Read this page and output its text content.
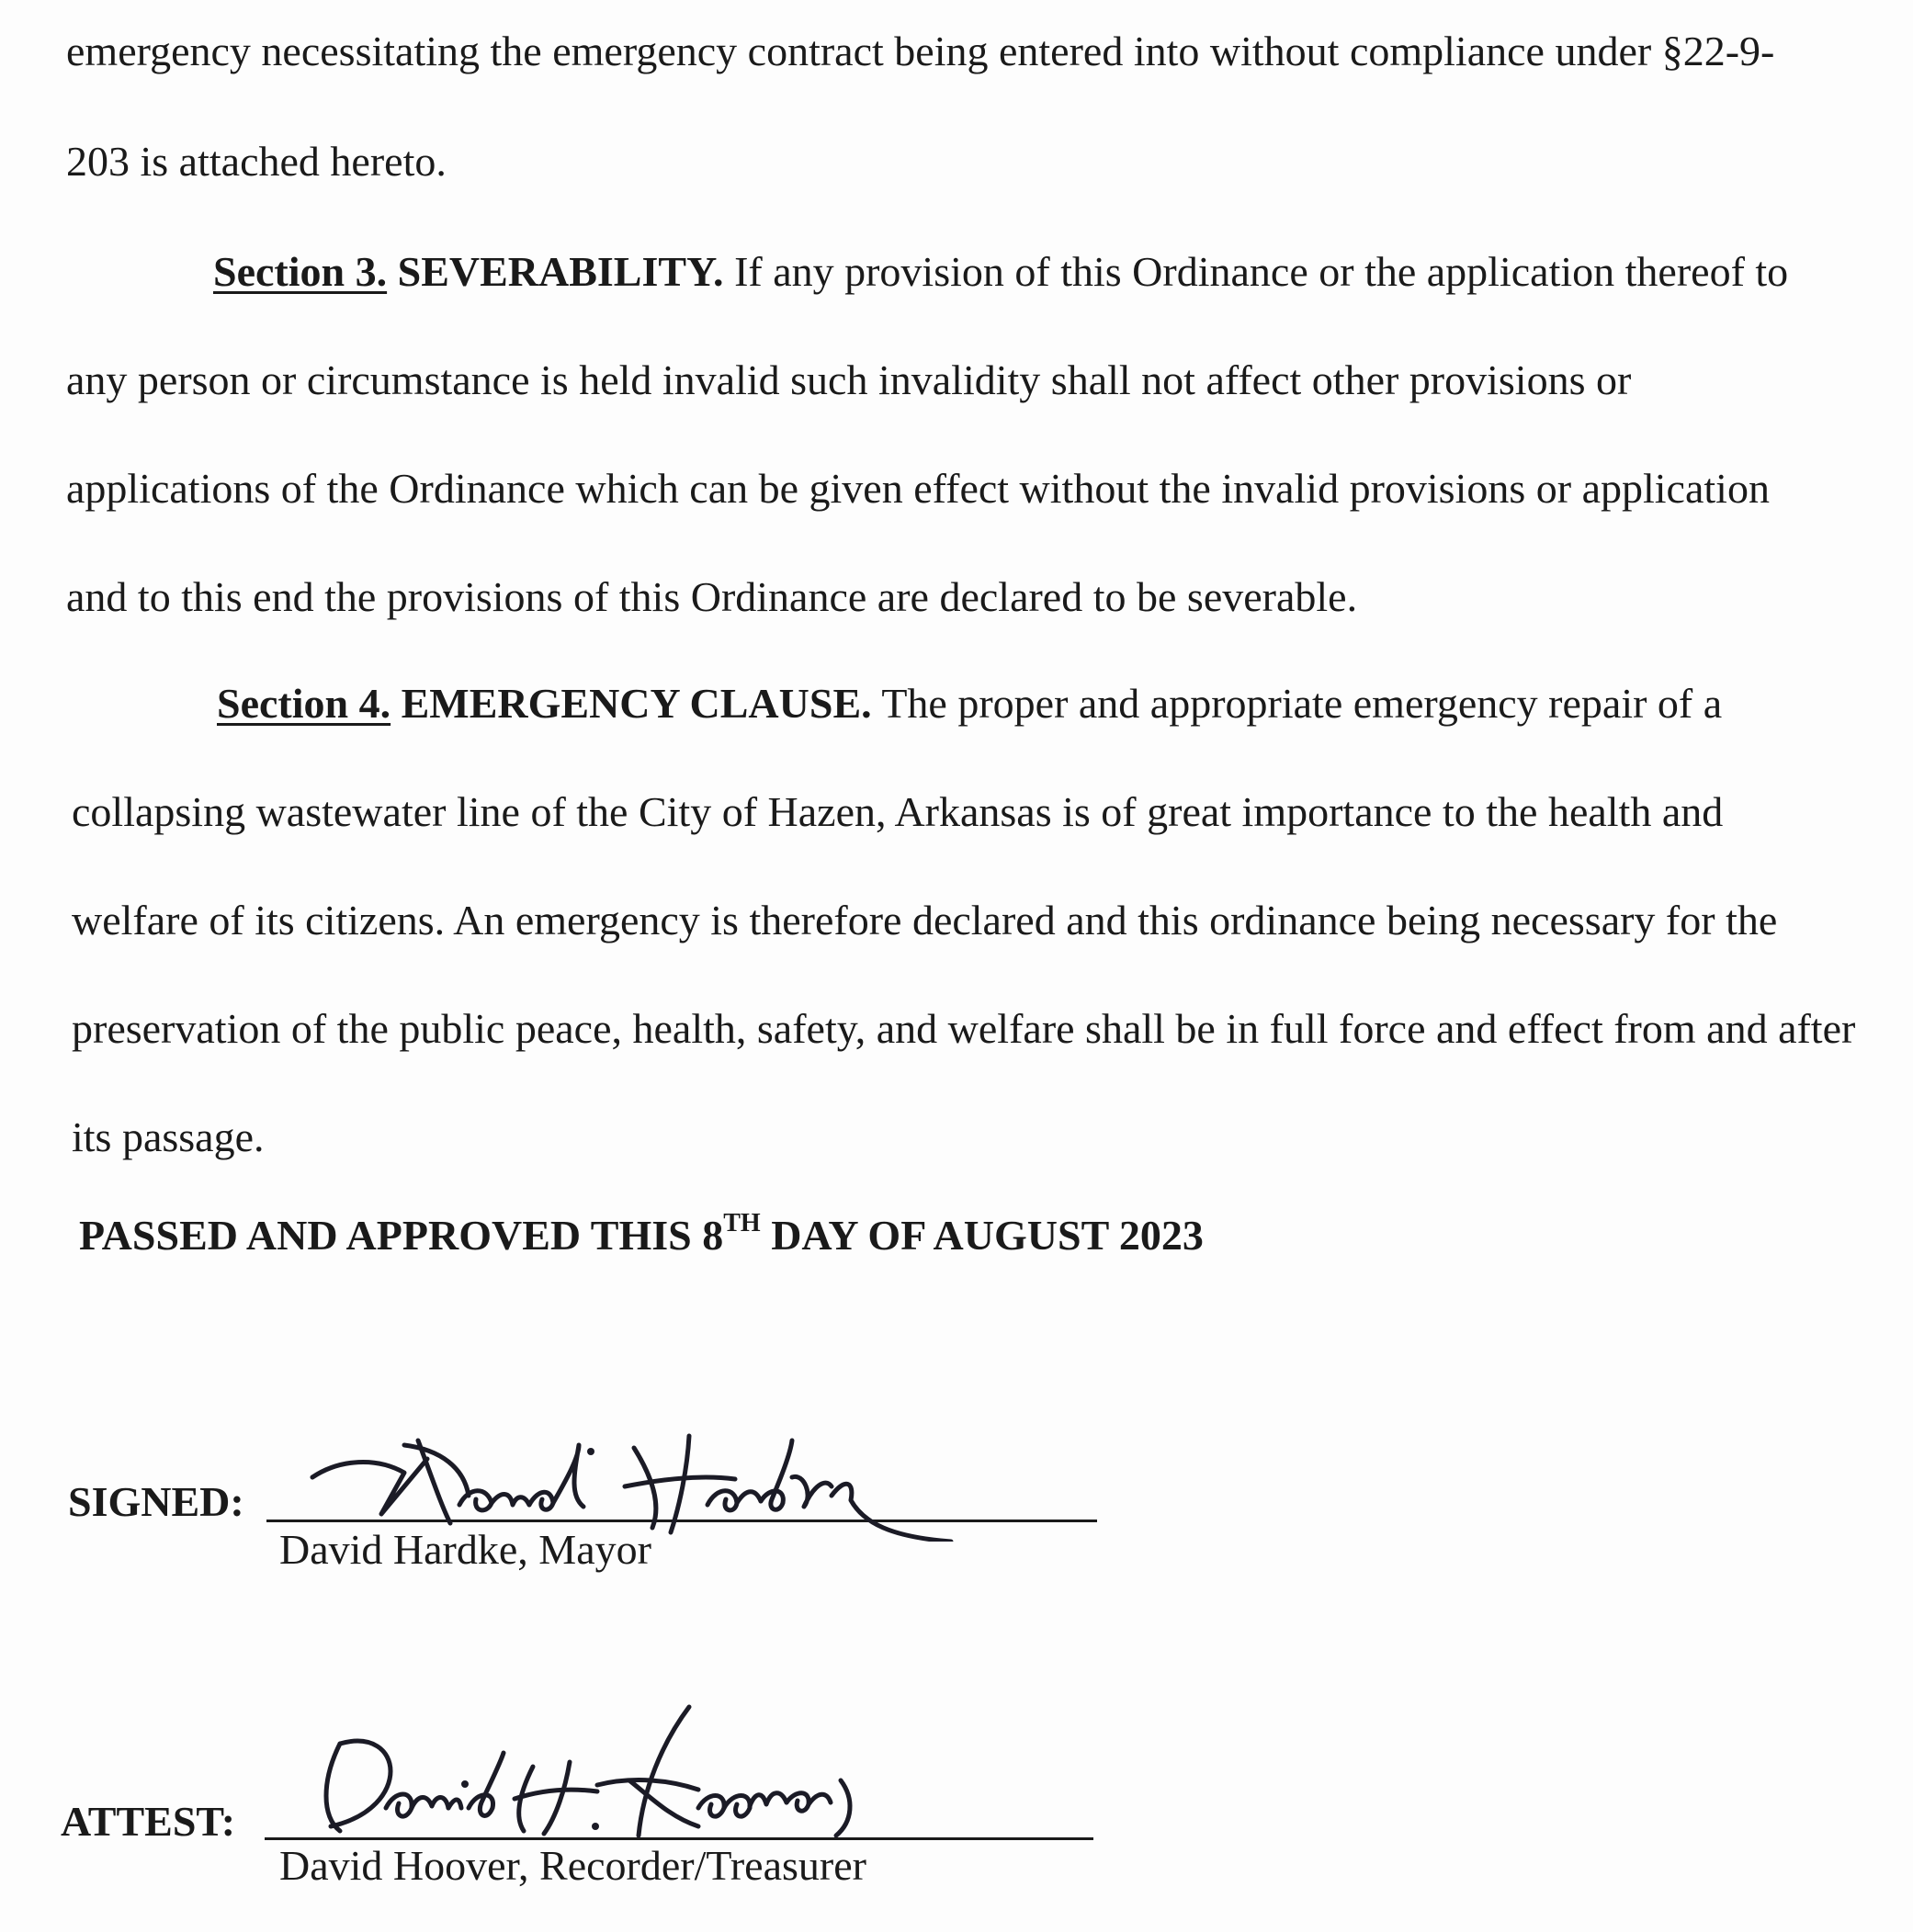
emergency necessitating the emergency contract being entered into without compliance under §22-9-
203 is attached hereto.
Section 3. SEVERABILITY. If any provision of this Ordinance or the application thereof to
any person or circumstance is held invalid such invalidity shall not affect other provisions or
applications of the Ordinance which can be given effect without the invalid provisions or application
and to this end the provisions of this Ordinance are declared to be severable.
Section 4. EMERGENCY CLAUSE. The proper and appropriate emergency repair of a
collapsing wastewater line of the City of Hazen, Arkansas is of great importance to the health and
welfare of its citizens. An emergency is therefore declared and this ordinance being necessary for the
preservation of the public peace, health, safety, and welfare shall be in full force and effect from and after
its passage.
PASSED AND APPROVED THIS 8TH DAY OF AUGUST 2023
SIGNED:
David Hardke, Mayor
ATTEST:
David Hoover, Recorder/Treasurer
